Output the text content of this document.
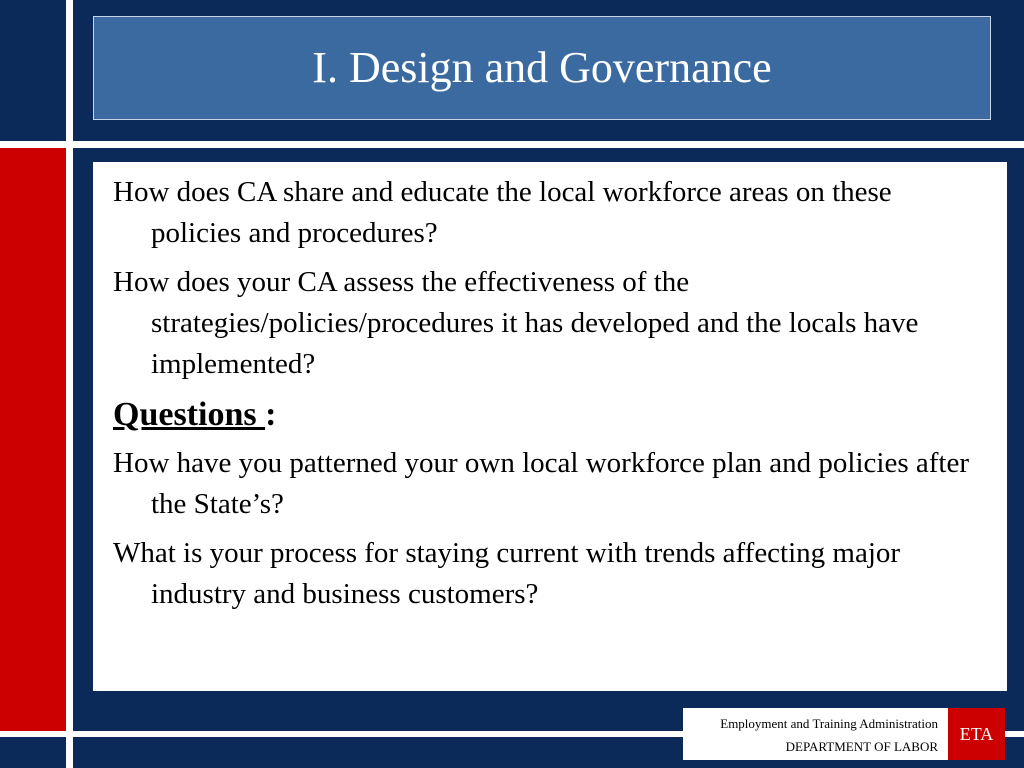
I. Design and Governance

How does CA share and educate the local workforce areas on these policies and procedures?

How does your CA assess the effectiveness of the strategies/policies/procedures it has developed and the locals have implemented?

Questions :

How have you patterned your own local workforce plan and policies after the State’s?

What is your process for staying current with trends affecting major industry and business customers?

Employment and Training Administration
DEPARTMENT OF LABOR
ETA
